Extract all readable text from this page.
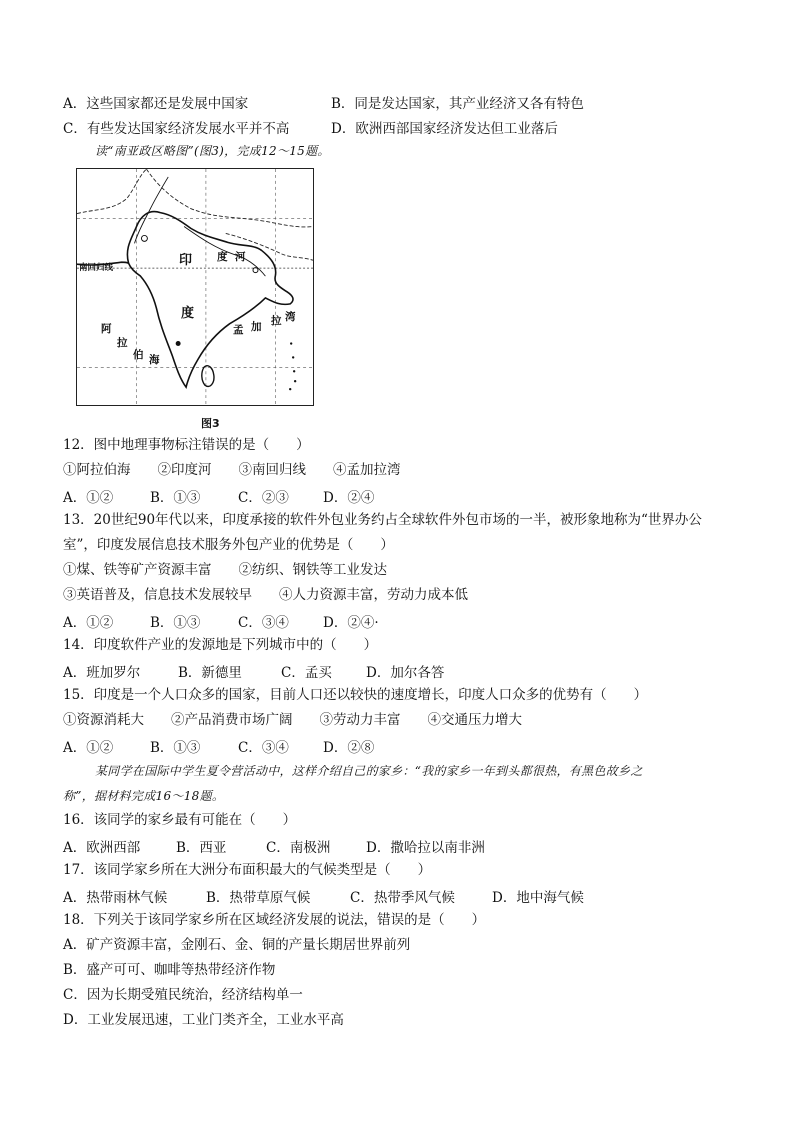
A．这些国家都还是发展中国家	B．同是发达国家，其产业经济又各有特色
C．有些发达国家经济发展水平并不高	D．欧洲西部国家经济发达但工业落后
读“南亚政区略图”(图3)，完成12～15题。
印 度 河
度
南回归线
阿
拉
伯 海
孟 加 拉 湾
图3
12．图中地理事物标注错误的是（　　）
①阿拉伯海　　②印度河　　③南回归线　　④孟加拉湾
A．①②	B．①③	C．②③	D．②④
13．20世纪90年代以来，印度承接的软件外包业务约占全球软件外包市场的一半，被形象地称为“世界办公
室”，印度发展信息技术服务外包产业的优势是（　　）
①煤、铁等矿产资源丰富　　②纺织、钢铁等工业发达
③英语普及，信息技术发展较早　　④人力资源丰富，劳动力成本低
A．①②	B．①③	C．③④	D．②④·
14．印度软件产业的发源地是下列城市中的（　　）
A．班加罗尔	B．新德里	C．孟买	D．加尔各答
15．印度是一个人口众多的国家，目前人口还以较快的速度增长，印度人口众多的优势有（　　）
①资源消耗大　　②产品消费市场广阔　　③劳动力丰富　　④交通压力增大
A．①②	B．①③	C．③④	D．②⑧
某同学在国际中学生夏令营活动中，这样介绍自己的家乡：“我的家乡一年到头都很热，有黑色故乡之
称”，据材料完成16～18题。
16．该同学的家乡最有可能在（　　）
A．欧洲西部	B．西亚	C．南极洲	D．撒哈拉以南非洲
17．该同学家乡所在大洲分布面积最大的气候类型是（　　）
A．热带雨林气候	B．热带草原气候	C．热带季风气候	D．地中海气候
18．下列关于该同学家乡所在区域经济发展的说法，错误的是（　　）
A．矿产资源丰富，金刚石、金、铜的产量长期居世界前列
B．盛产可可、咖啡等热带经济作物
C．因为长期受殖民统治，经济结构单一
D．工业发展迅速，工业门类齐全，工业水平高
